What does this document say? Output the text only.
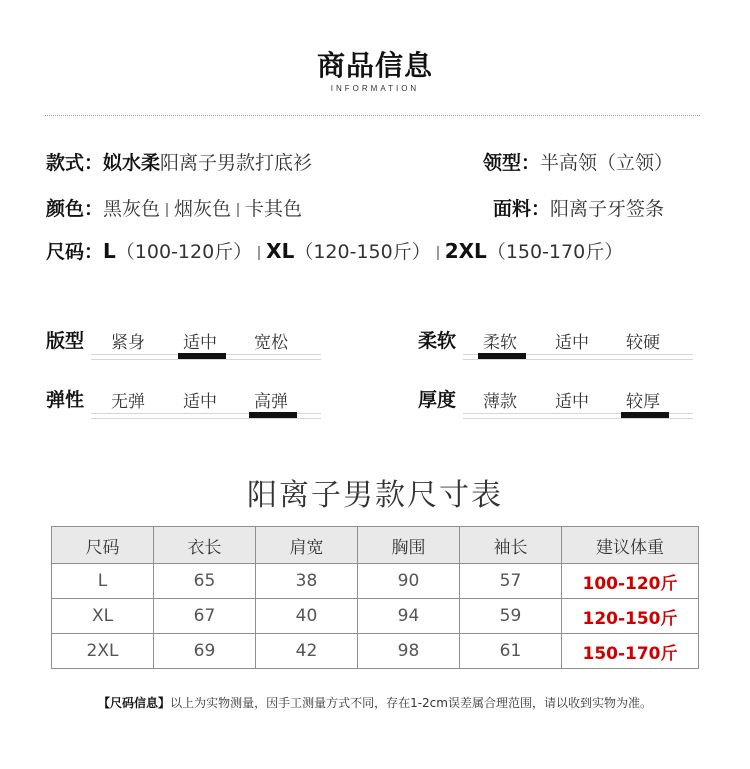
商品信息
INFORMATION
款式：姒水柔阳离子男款打底衫	领型：半高领（立领）
颜色：黑灰色 烟灰色 卡其色	面料：阳离子牙签条
尺码：L（100-120斤） XL（120-150斤） 2XL（150-170斤）
版型 紧身 适中 宽松	柔软 柔软 适中 较硬
弹性 无弹 适中 高弹	厚度 薄款 适中 较厚
阳离子男款尺寸表
尺码	衣长	肩宽	胸围	袖长	建议体重
L	65	38	90	57	100-120斤
XL	67	40	94	59	120-150斤
2XL	69	42	98	61	150-170斤
【尺码信息】以上为实物测量，因手工测量方式不同，存在1-2cm误差属合理范围，请以收到实物为准。
